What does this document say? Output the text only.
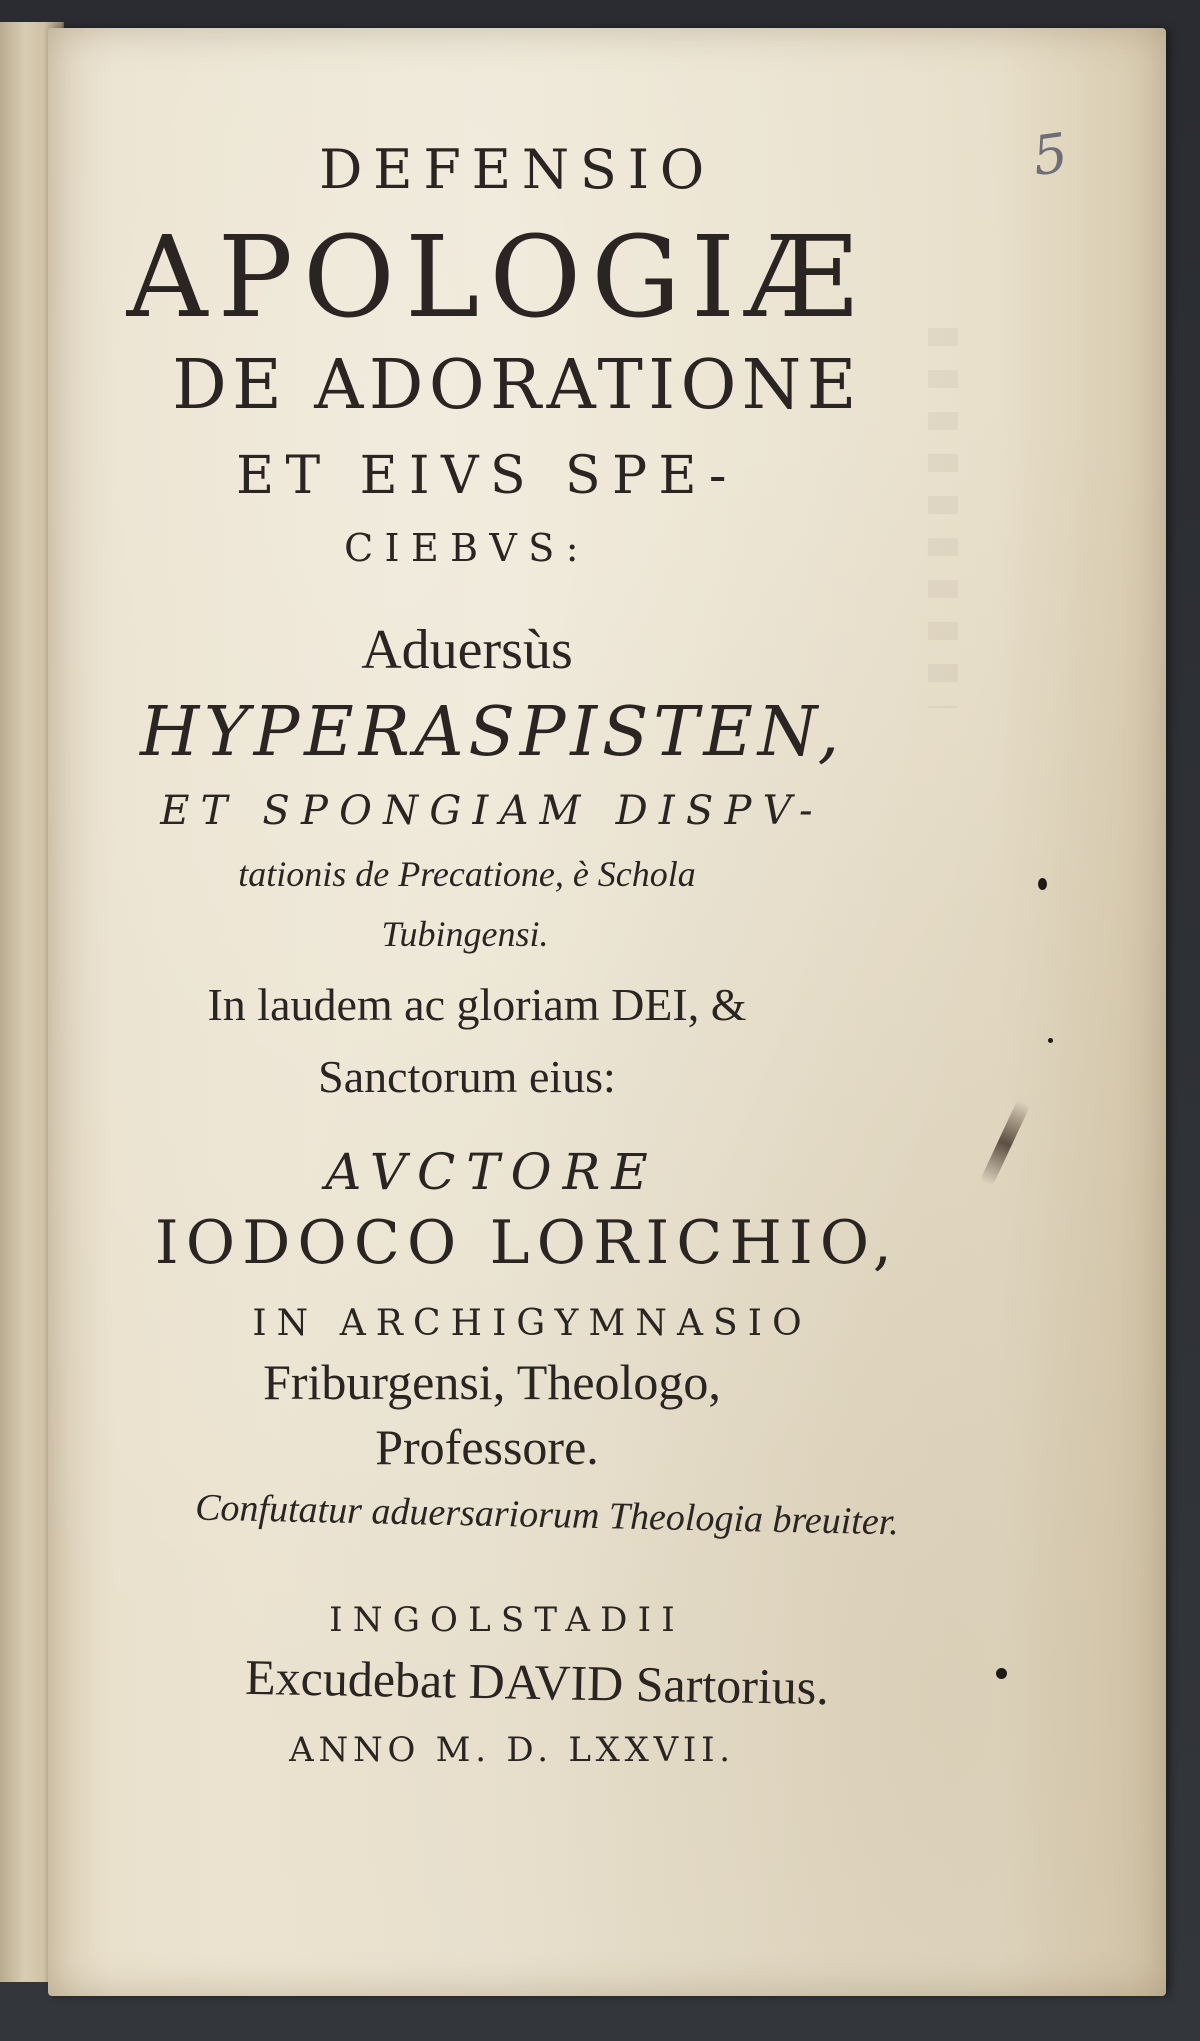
5
DEFENSIO
APOLOGIÆ
DE ADORATIONE
ET EIVS SPE-
CIEBVS:
Aduersùs
HYPERASPISTEN,
ET SPONGIAM DISPV-
tationis de Precatione, è Schola
Tubingensi.
In laudem ac gloriam DEI, &
Sanctorum eius:
AVCTORE
IODOCO LORICHIO,
IN ARCHIGYMNASIO
Friburgensi, Theologo,
Professore.
Confutatur aduersariorum Theologia breuiter.
INGOLSTADII
Excudebat DAVID Sartorius.
ANNO M. D. LXXVII.
